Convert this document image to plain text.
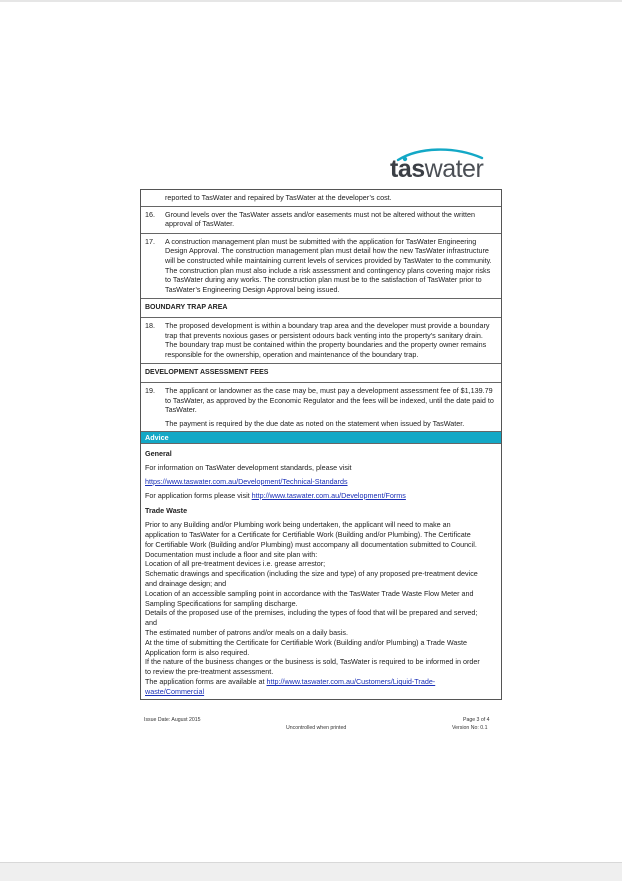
taswater
reported to TasWater and repaired by TasWater at the developer’s cost.
16.	Ground levels over the TasWater assets and/or easements must not be altered without the written approval of TasWater.
17.	A construction management plan must be submitted with the application for TasWater Engineering Design Approval. The construction management plan must detail how the new TasWater infrastructure will be constructed while maintaining current levels of services provided by TasWater to the community. The construction plan must also include a risk assessment and contingency plans covering major risks to TasWater during any works. The construction plan must be to the satisfaction of TasWater prior to TasWater’s Engineering Design Approval being issued.
BOUNDARY TRAP AREA
18.	The proposed development is within a boundary trap area and the developer must provide a boundary trap that prevents noxious gases or persistent odours back venting into the property’s sanitary drain. The boundary trap must be contained within the property boundaries and the property owner remains responsible for the ownership, operation and maintenance of the boundary trap.
DEVELOPMENT ASSESSMENT FEES
19.	The applicant or landowner as the case may be, must pay a development assessment fee of $1,139.79 to TasWater, as approved by the Economic Regulator and the fees will be indexed, until the date paid to TasWater.
The payment is required by the due date as noted on the statement when issued by TasWater.
Advice

General

For information on TasWater development standards, please visit

https://www.taswater.com.au/Development/Technical-Standards

For application forms please visit http://www.taswater.com.au/Development/Forms

Trade Waste

Prior to any Building and/or Plumbing work being undertaken, the applicant will need to make an
application to TasWater for a Certificate for Certifiable Work (Building and/or Plumbing). The Certificate
for Certifiable Work (Building and/or Plumbing) must accompany all documentation submitted to Council.
Documentation must include a floor and site plan with:
Location of all pre-treatment devices i.e. grease arrestor;
Schematic drawings and specification (including the size and type) of any proposed pre-treatment device
and drainage design; and
Location of an accessible sampling point in accordance with the TasWater Trade Waste Flow Meter and
Sampling Specifications for sampling discharge.
Details of the proposed use of the premises, including the types of food that will be prepared and served;
and
The estimated number of patrons and/or meals on a daily basis.
At the time of submitting the Certificate for Certifiable Work (Building and/or Plumbing) a Trade Waste
Application form is also required.
If the nature of the business changes or the business is sold, TasWater is required to be informed in order
to review the pre-treatment assessment.
The application forms are available at http://www.taswater.com.au/Customers/Liquid-Trade-
waste/Commercial
Issue Date: August 2015
Uncontrolled when printed
Page 3 of 4
Version No: 0.1
